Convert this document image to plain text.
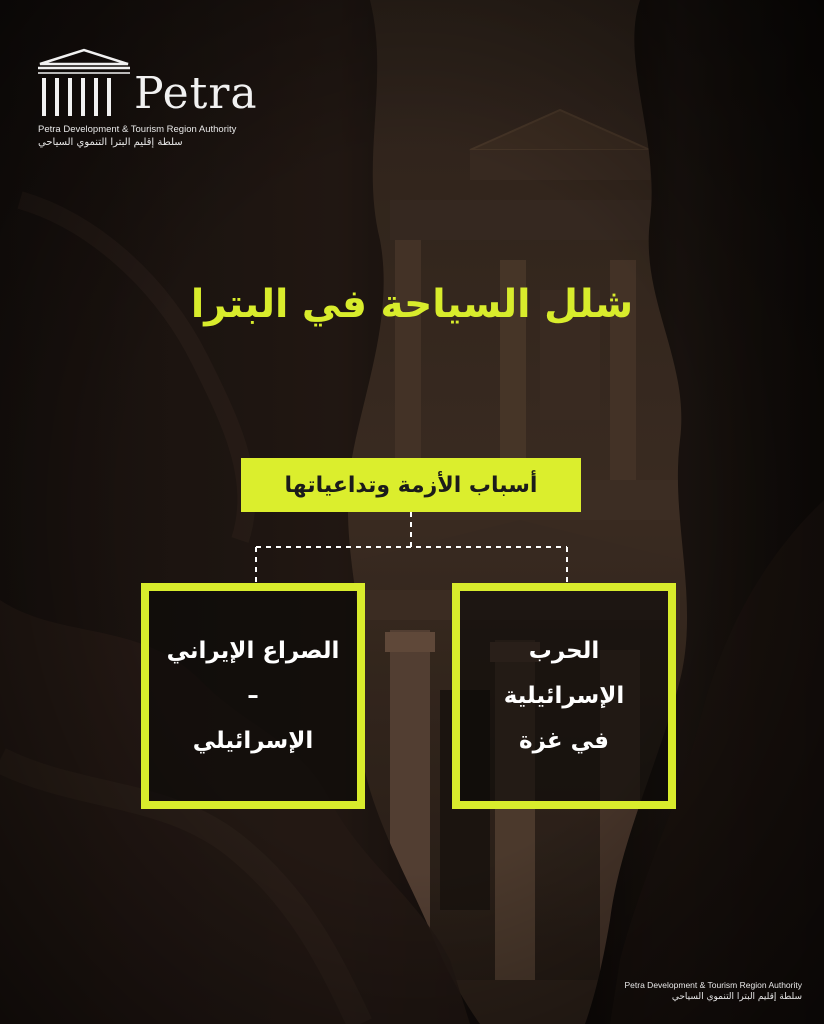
Petra
Petra Development & Tourism Region Authority
سلطة إقليم البترا التنموي السياحي
شلل السياحة في البترا
أسباب الأزمة وتداعياتها
الحرب
الإسرائيلية
في غزة
الصراع الإيراني
–
الإسرائيلي
Petra Development & Tourism Region Authority
سلطة إقليم البترا التنموي السياحي
